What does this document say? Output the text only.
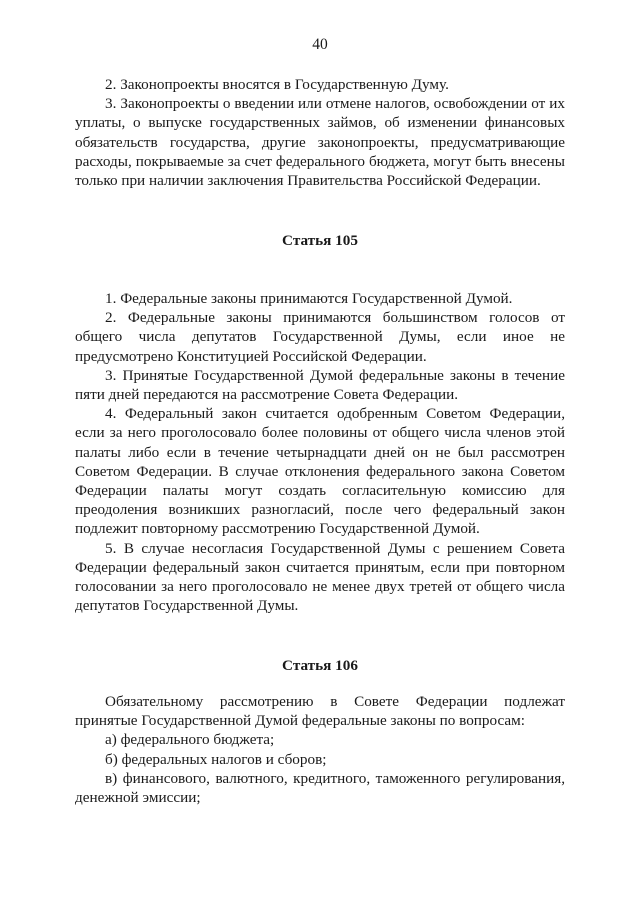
40

2. Законопроекты вносятся в Государственную Думу.

3. Законопроекты о введении или отмене налогов, освобождении от их уплаты, о выпуске государственных займов, об изменении финансовых обязательств государства, другие законопроекты, предусматривающие расходы, покрываемые за счет федерального бюджета, могут быть внесены только при наличии заключения Правительства Российской Федерации.

Статья 105

1. Федеральные законы принимаются Государственной Думой.

2. Федеральные законы принимаются большинством голосов от общего числа депутатов Государственной Думы, если иное не предусмотрено Конституцией Российской Федерации.

3. Принятые Государственной Думой федеральные законы в течение пяти дней передаются на рассмотрение Совета Федерации.

4. Федеральный закон считается одобренным Советом Федерации, если за него проголосовало более половины от общего числа членов этой палаты либо если в течение четырнадцати дней он не был рассмотрен Советом Федерации. В случае отклонения федерального закона Советом Федерации палаты могут создать согласительную комиссию для преодоления возникших разногласий, после чего федеральный закон подлежит повторному рассмотрению Государственной Думой.

5. В случае несогласия Государственной Думы с решением Совета Федерации федеральный закон считается принятым, если при повторном голосовании за него проголосовало не менее двух третей от общего числа депутатов Государственной Думы.

Статья 106

Обязательному рассмотрению в Совете Федерации подлежат принятые Государственной Думой федеральные законы по вопросам:

а) федерального бюджета;

б) федеральных налогов и сборов;

в) финансового, валютного, кредитного, таможенного регулирования, денежной эмиссии;
